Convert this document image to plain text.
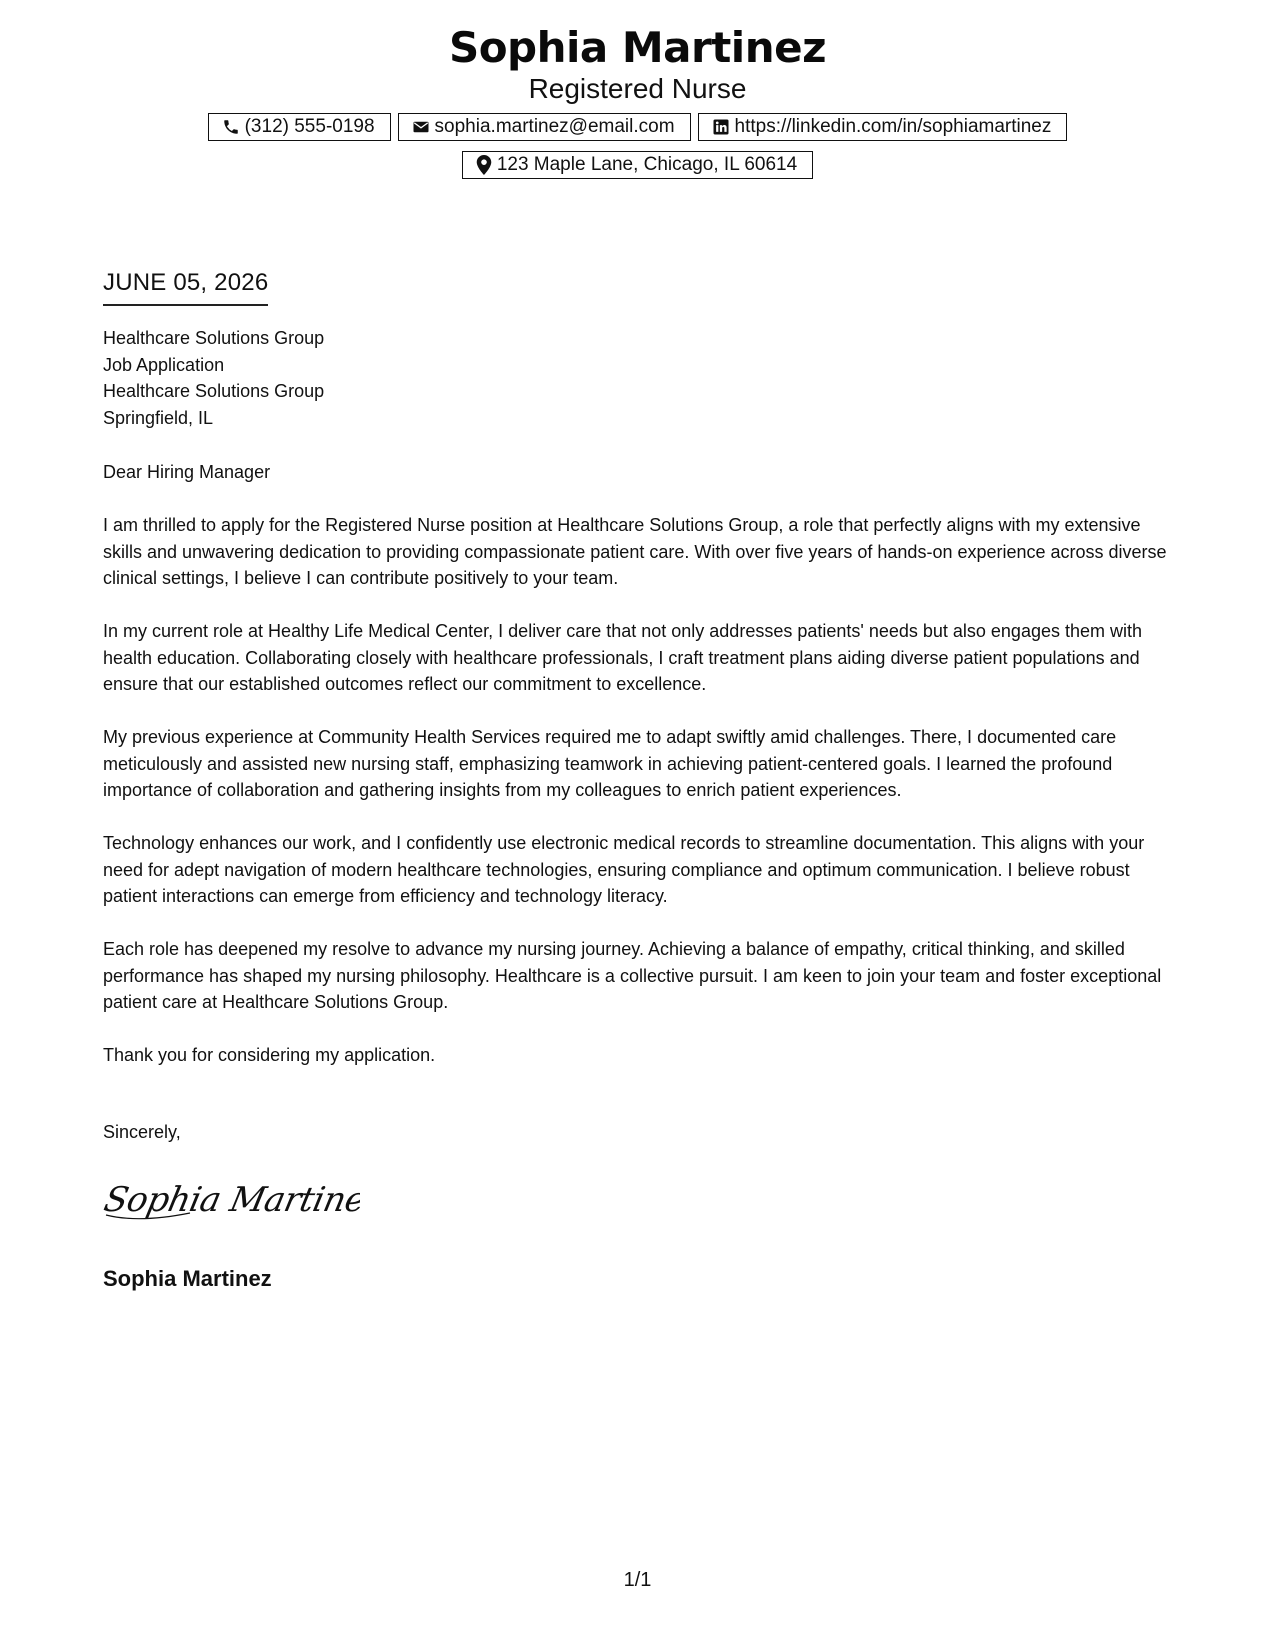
Sophia Martinez
Registered Nurse
(312) 555-0198	sophia.martinez@email.com	https://linkedin.com/in/sophiamartinez
123 Maple Lane, Chicago, IL 60614
JUNE 05, 2026
Healthcare Solutions Group
Job Application
Healthcare Solutions Group
Springfield, IL

Dear Hiring Manager

I am thrilled to apply for the Registered Nurse position at Healthcare Solutions Group, a role that perfectly aligns with my extensive skills and unwavering dedication to providing compassionate patient care. With over five years of hands-on experience across diverse clinical settings, I believe I can contribute positively to your team.

In my current role at Healthy Life Medical Center, I deliver care that not only addresses patients' needs but also engages them with health education. Collaborating closely with healthcare professionals, I craft treatment plans aiding diverse patient populations and ensure that our established outcomes reflect our commitment to excellence.

My previous experience at Community Health Services required me to adapt swiftly amid challenges. There, I documented care meticulously and assisted new nursing staff, emphasizing teamwork in achieving patient-centered goals. I learned the profound importance of collaboration and gathering insights from my colleagues to enrich patient experiences.

Technology enhances our work, and I confidently use electronic medical records to streamline documentation. This aligns with your need for adept navigation of modern healthcare technologies, ensuring compliance and optimum communication. I believe robust patient interactions can emerge from efficiency and technology literacy.

Each role has deepened my resolve to advance my nursing journey. Achieving a balance of empathy, critical thinking, and skilled performance has shaped my nursing philosophy. Healthcare is a collective pursuit. I am keen to join your team and foster exceptional patient care at Healthcare Solutions Group.

Thank you for considering my application.

Sincerely,
Sophia Martinez
Sophia Martinez
1/1
